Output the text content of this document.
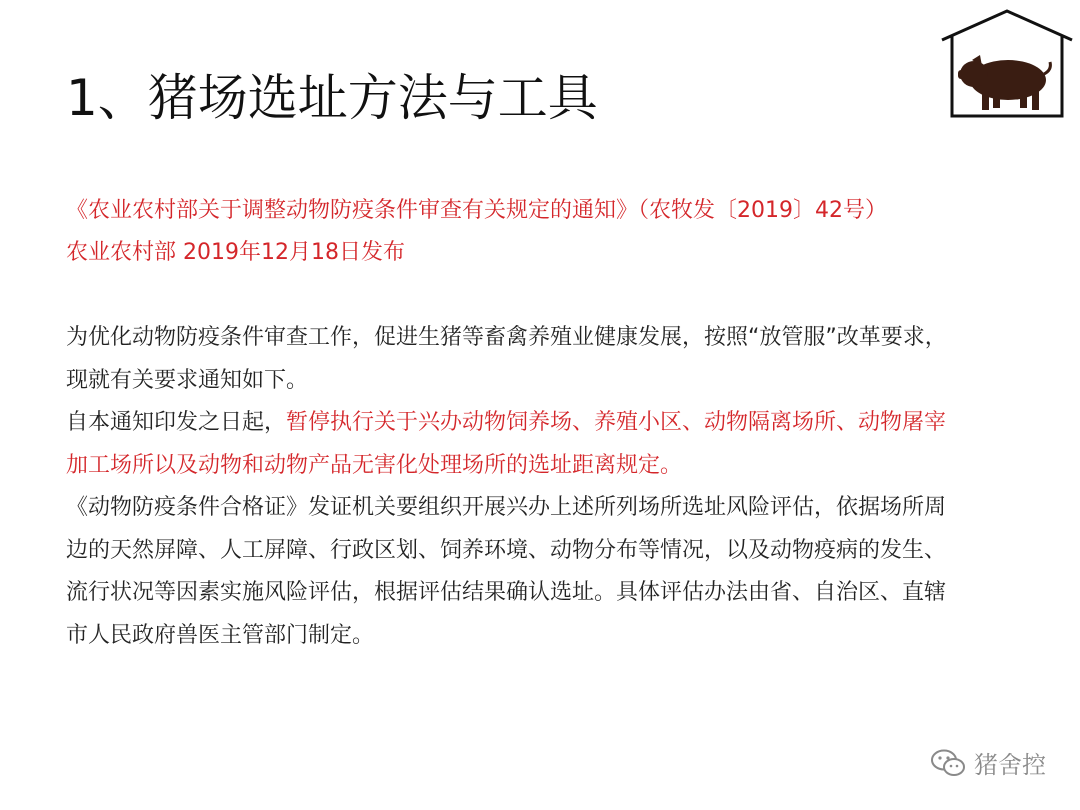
1、猪场选址方法与工具
《农业农村部关于调整动物防疫条件审查有关规定的通知》（农牧发〔2019〕42号）
农业农村部 2019年12月18日发布

为优化动物防疫条件审查工作，促进生猪等畜禽养殖业健康发展，按照“放管服”改革要求，现就有关要求通知如下。

自本通知印发之日起，暂停执行关于兴办动物饲养场、养殖小区、动物隔离场所、动物屠宰加工场所以及动物和动物产品无害化处理场所的选址距离规定。

《动物防疫条件合格证》发证机关要组织开展兴办上述所列场所选址风险评估，依据场所周边的天然屏障、人工屏障、行政区划、饲养环境、动物分布等情况，以及动物疫病的发生、流行状况等因素实施风险评估，根据评估结果确认选址。具体评估办法由省、自治区、直辖市人民政府兽医主管部门制定。

猪舍控
